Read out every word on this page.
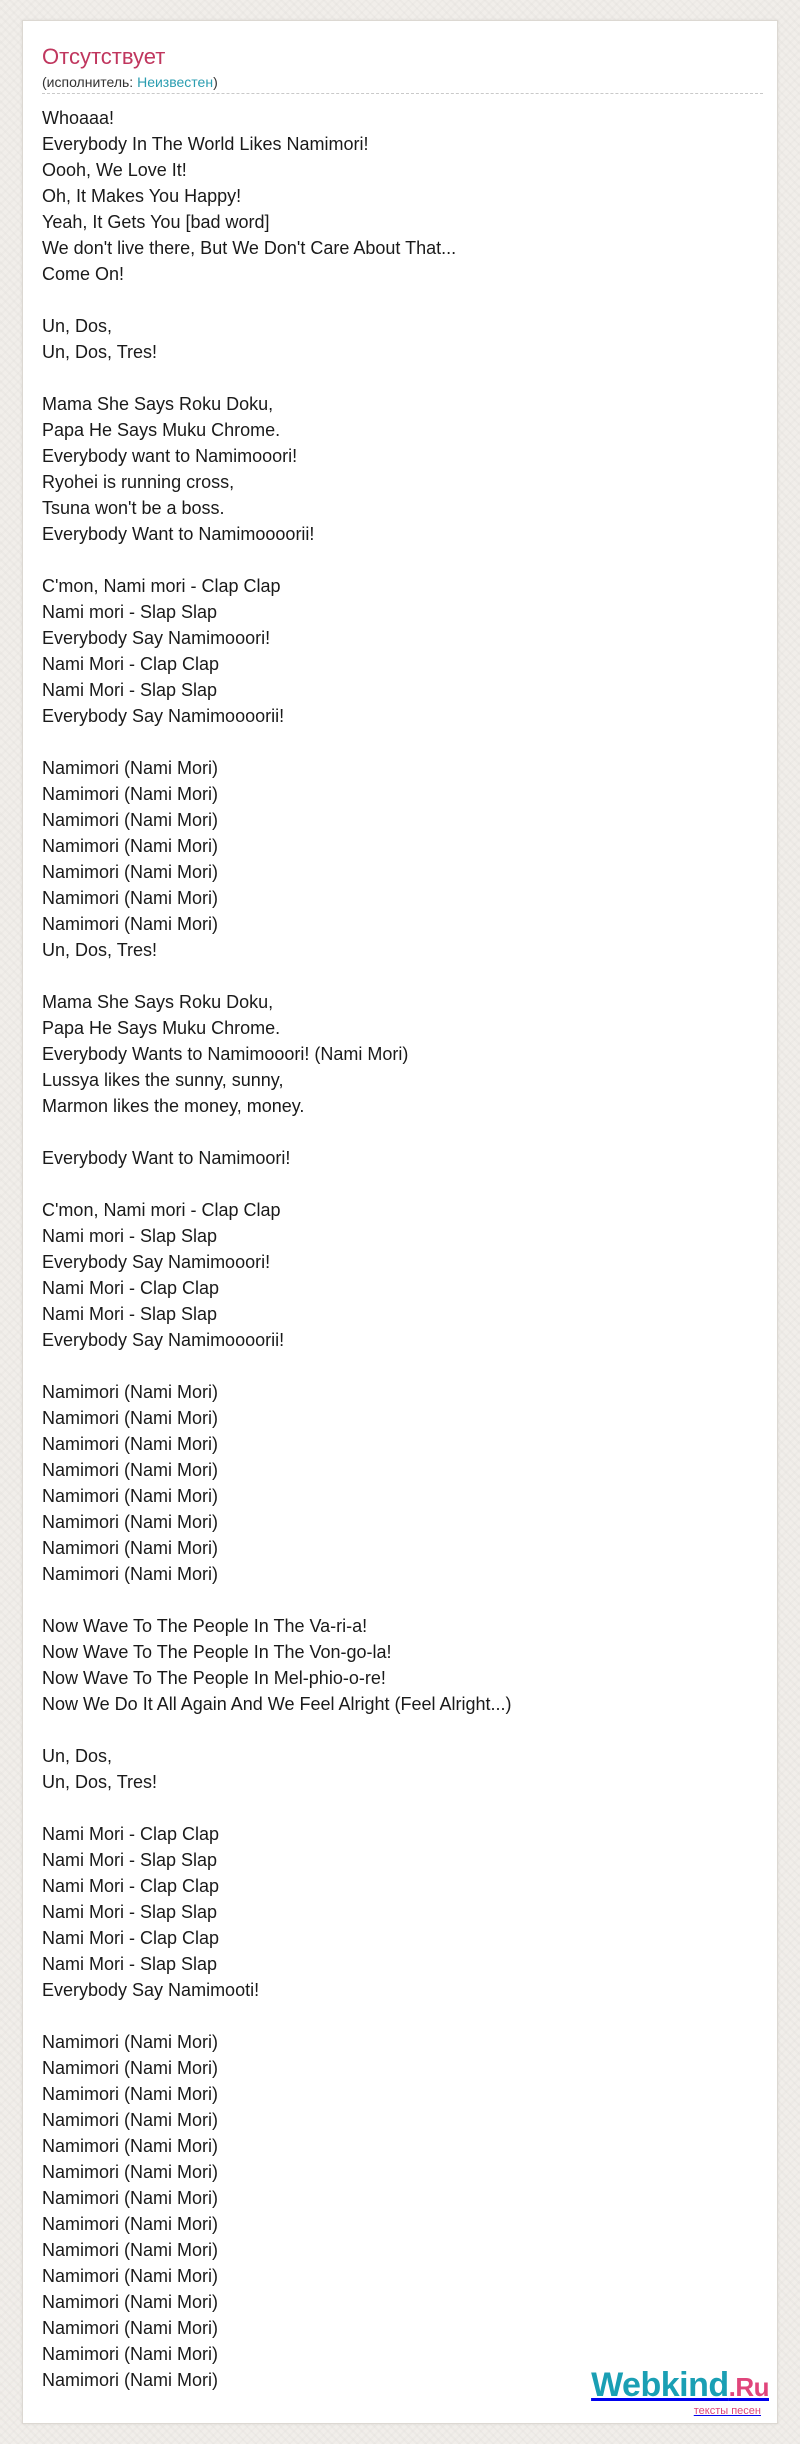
Отсутствует
(исполнитель: Неизвестен)
Whoaaa!
Everybody In The World Likes Namimori!
Oooh, We Love It!
Oh, It Makes You Happy!
Yeah, It Gets You [bad word]
We don't live there, But We Don't Care About That...
Come On!
Un, Dos,
Un, Dos, Tres!
Mama She Says Roku Doku,
Papa He Says Muku Chrome.
Everybody want to Namimooori!
Ryohei is running cross,
Tsuna won't be a boss.
Everybody Want to Namimoooorii!
C'mon, Nami mori - Clap Clap
Nami mori - Slap Slap
Everybody Say Namimooori!
Nami Mori - Clap Clap
Nami Mori - Slap Slap
Everybody Say Namimoooorii!
Namimori (Nami Mori)
Namimori (Nami Mori)
Namimori (Nami Mori)
Namimori (Nami Mori)
Namimori (Nami Mori)
Namimori (Nami Mori)
Namimori (Nami Mori)
Un, Dos, Tres!
Mama She Says Roku Doku,
Papa He Says Muku Chrome.
Everybody Wants to Namimooori! (Nami Mori)
Lussya likes the sunny, sunny,
Marmon likes the money, money.
Everybody Want to Namimoori!
C'mon, Nami mori - Clap Clap
Nami mori - Slap Slap
Everybody Say Namimooori!
Nami Mori - Clap Clap
Nami Mori - Slap Slap
Everybody Say Namimoooorii!
Namimori (Nami Mori)
Namimori (Nami Mori)
Namimori (Nami Mori)
Namimori (Nami Mori)
Namimori (Nami Mori)
Namimori (Nami Mori)
Namimori (Nami Mori)
Namimori (Nami Mori)
Now Wave To The People In The Va-ri-a!
Now Wave To The People In The Von-go-la!
Now Wave To The People In Mel-phio-o-re!
Now We Do It All Again And We Feel Alright (Feel Alright...)
Un, Dos,
Un, Dos, Tres!
Nami Mori - Clap Clap
Nami Mori - Slap Slap
Nami Mori - Clap Clap
Nami Mori - Slap Slap
Nami Mori - Clap Clap
Nami Mori - Slap Slap
Everybody Say Namimooti!
Namimori (Nami Mori)
Namimori (Nami Mori)
Namimori (Nami Mori)
Namimori (Nami Mori)
Namimori (Nami Mori)
Namimori (Nami Mori)
Namimori (Nami Mori)
Namimori (Nami Mori)
Namimori (Nami Mori)
Namimori (Nami Mori)
Namimori (Nami Mori)
Namimori (Nami Mori)
Namimori (Nami Mori)
Namimori (Nami Mori)	Webkind.Ru
тексты песен
